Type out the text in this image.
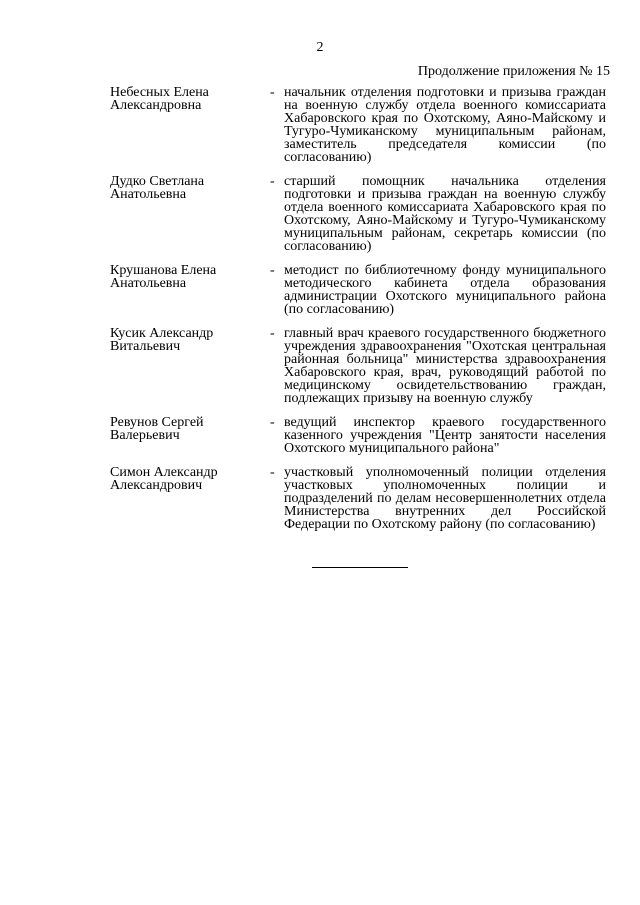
2
Продолжение приложения № 15
Небесных Елена Александровна
- начальник отделения подготовки и призыва граждан на военную службу отдела военного комиссариата Хабаровского края по Охотскому, Аяно-Майскому и Тугуро-Чумиканскому муниципальным районам, заместитель председателя комиссии (по согласованию)
Дудко Светлана Анатольевна
- старший помощник начальника отделения подготовки и призыва граждан на военную службу отдела военного комиссариата Хабаровского края по Охотскому, Аяно-Майскому и Тугуро-Чумиканскому муниципальным районам, секретарь комиссии (по согласованию)
Крушанова Елена Анатольевна
- методист по библиотечному фонду муниципального методического кабинета отдела образования администрации Охотского муниципального района (по согласованию)
Кусик Александр Витальевич
- главный врач краевого государственного бюджетного учреждения здравоохранения "Охотская центральная районная больница" министерства здравоохранения Хабаровского края, врач, руководящий работой по медицинскому освидетельствованию граждан, подлежащих призыву на военную службу
Ревунов Сергей Валерьевич
- ведущий инспектор краевого государственного казенного учреждения "Центр занятости населения Охотского муниципального района"
Симон Александр Александрович
- участковый уполномоченный полиции отделения участковых уполномоченных полиции и подразделений по делам несовершеннолетних отдела Министерства внутренних дел Российской Федерации по Охотскому району (по согласованию)
